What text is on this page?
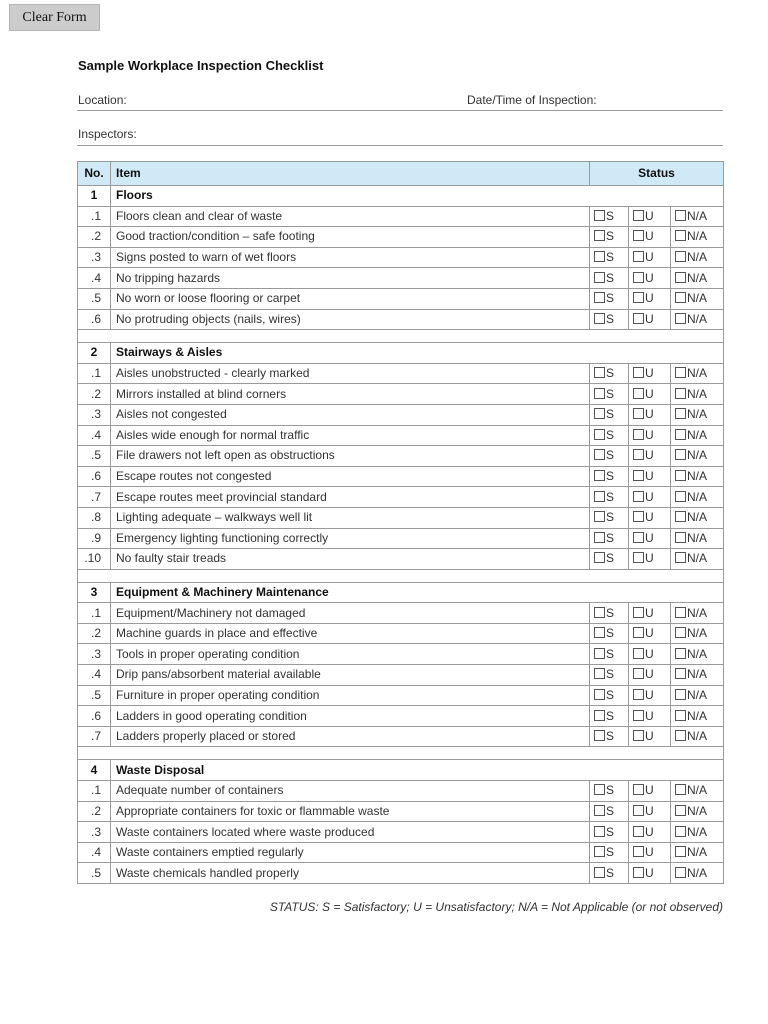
Clear Form
Sample Workplace Inspection Checklist
Location:	Date/Time of Inspection:
Inspectors:
No.	Item	Status		
1	Floors			
.1	Floors clean and clear of waste	S	U	N/A
.2	Good traction/condition – safe footing	S	U	N/A
.3	Signs posted to warn of wet floors	S	U	N/A
.4	No tripping hazards	S	U	N/A
.5	No worn or loose flooring or carpet	S	U	N/A
.6	No protruding objects (nails, wires)	S	U	N/A

2	Stairways & Aisles			
.1	Aisles unobstructed - clearly marked	S	U	N/A
.2	Mirrors installed at blind corners	S	U	N/A
.3	Aisles not congested	S	U	N/A
.4	Aisles wide enough for normal traffic	S	U	N/A
.5	File drawers not left open as obstructions	S	U	N/A
.6	Escape routes not congested	S	U	N/A
.7	Escape routes meet provincial standard	S	U	N/A
.8	Lighting adequate – walkways well lit	S	U	N/A
.9	Emergency lighting functioning correctly	S	U	N/A
.10	No faulty stair treads	S	U	N/A

3	Equipment & Machinery Maintenance			
.1	Equipment/Machinery not damaged	S	U	N/A
.2	Machine guards in place and effective	S	U	N/A
.3	Tools in proper operating condition	S	U	N/A
.4	Drip pans/absorbent material available	S	U	N/A
.5	Furniture in proper operating condition	S	U	N/A
.6	Ladders in good operating condition	S	U	N/A
.7	Ladders properly placed or stored	S	U	N/A

4	Waste Disposal			
.1	Adequate number of containers	S	U	N/A
.2	Appropriate containers for toxic or flammable waste	S	U	N/A
.3	Waste containers located where waste produced	S	U	N/A
.4	Waste containers emptied regularly	S	U	N/A
.5	Waste chemicals handled properly	S	U	N/A
STATUS: S = Satisfactory; U = Unsatisfactory; N/A = Not Applicable (or not observed)
